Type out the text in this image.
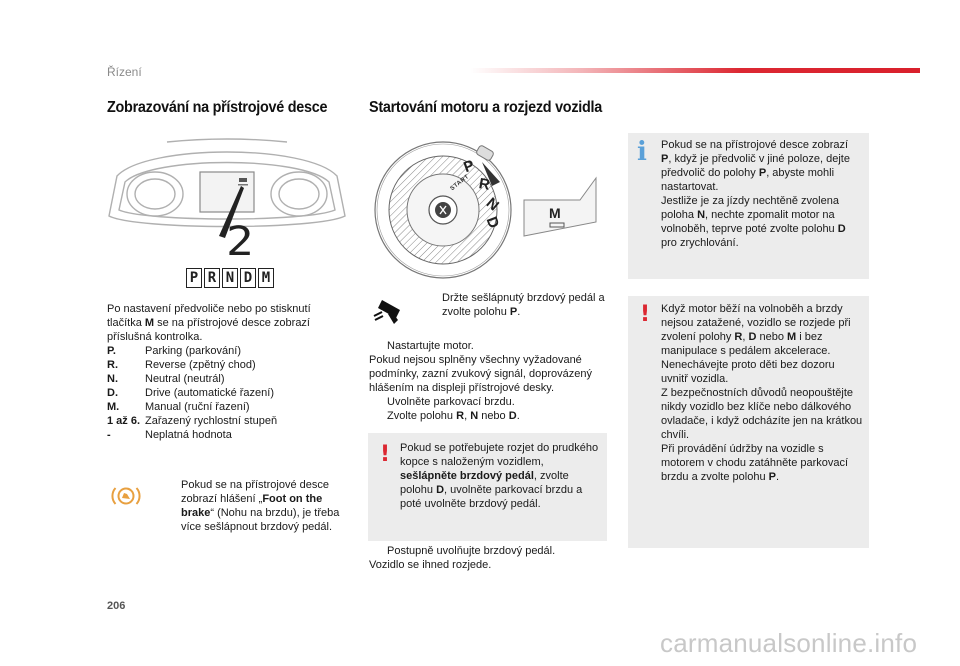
Řízení
Zobrazování na přístrojové desce	Startování motoru a rozjezd vozidla
2
P R N D M
Po nastavení předvoliče nebo po stisknutí tlačítka M se na přístrojové desce zobrazí příslušná kontrolka.
P.	Parking (parkování)
R.	Reverse (zpětný chod)
N.	Neutral (neutrál)
D.	Drive (automatické řazení)
M.	Manual (ruční řazení)
1 až 6. Zařazený rychlostní stupeň
-	Neplatná hodnota
Pokud se na přístrojové desce zobrazí hlášení „Foot on the brake“ (Nohu na brzdu), je třeba více sešlápnout brzdový pedál.
P
R
N
D
START
M
Držte sešlápnutý brzdový pedál a zvolte polohu P.
Nastartujte motor.
Pokud nejsou splněny všechny vyžadované podmínky, zazní zvukový signál, doprovázený hlášením na displeji přístrojové desky.
Uvolněte parkovací brzdu.
Zvolte polohu R, N nebo D.
! Pokud se potřebujete rozjet do prudkého kopce s naloženým vozidlem, sešlápněte brzdový pedál, zvolte polohu D, uvolněte parkovací brzdu a poté uvolněte brzdový pedál.
Postupně uvolňujte brzdový pedál.
Vozidlo se ihned rozjede.
i Pokud se na přístrojové desce zobrazí P, když je předvolič v jiné poloze, dejte předvolič do polohy P, abyste mohli nastartovat.
Jestliže je za jízdy nechtěně zvolena poloha N, nechte zpomalit motor na volnoběh, teprve poté zvolte polohu D pro zrychlování.
! Když motor běží na volnoběh a brzdy nejsou zatažené, vozidlo se rozjede při zvolení polohy R, D nebo M i bez manipulace s pedálem akcelerace.
Nenechávejte proto děti bez dozoru uvnitř vozidla.
Z bezpečnostních důvodů neopouštějte nikdy vozidlo bez klíče nebo dálkového ovladače, i když odcházíte jen na krátkou chvíli.
Při provádění údržby na vozidle s motorem v chodu zatáhněte parkovací brzdu a zvolte polohu P.
206
carmanualsonline.info
